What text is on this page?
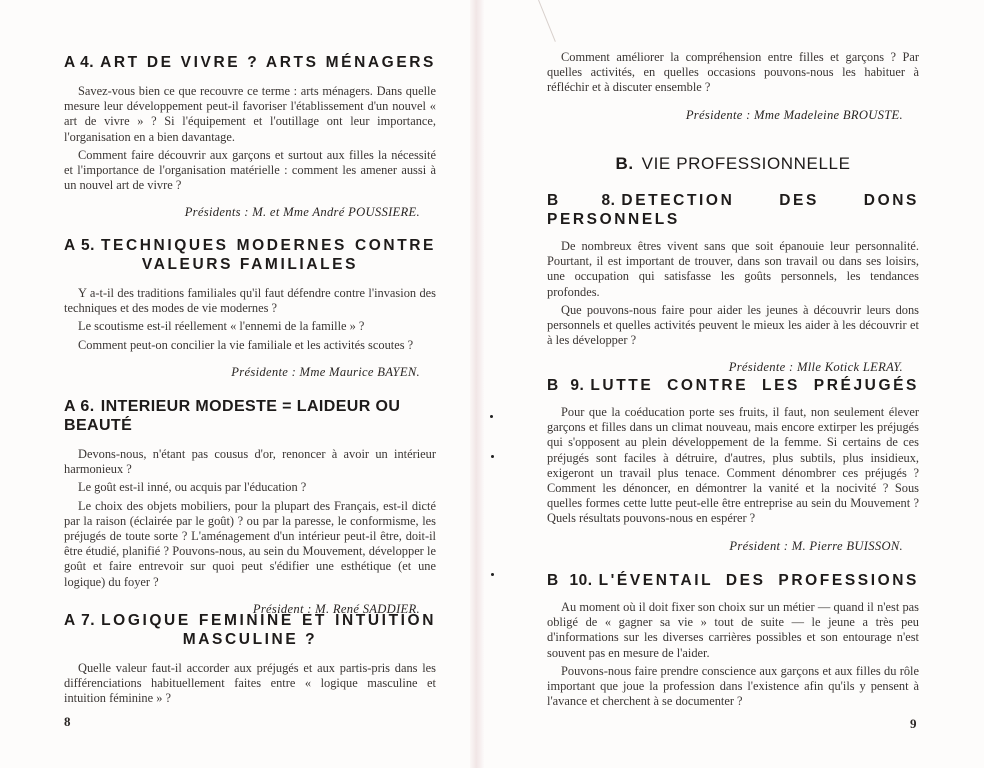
A 4. ART DE VIVRE ? ARTS MÉNAGERS

Savez-vous bien ce que recouvre ce terme : arts ménagers. Dans quelle mesure leur développement peut-il favoriser l'établissement d'un nouvel « art de vivre » ? Si l'équipement et l'outillage ont leur importance, l'organisation en a bien davantage.

Comment faire découvrir aux garçons et surtout aux filles la nécessité et l'importance de l'organisation matérielle : comment les amener aussi à un nouvel art de vivre ?

Présidents : M. et Mme André POUSSIERE.

A 5. TECHNIQUES MODERNES CONTRE
VALEURS FAMILIALES

Y a-t-il des traditions familiales qu'il faut défendre contre l'invasion des techniques et des modes de vie modernes ?

Le scoutisme est-il réellement « l'ennemi de la famille » ?

Comment peut-on concilier la vie familiale et les activités scoutes ?

Présidente : Mme Maurice BAYEN.

A 6. INTERIEUR MODESTE = LAIDEUR OU BEAUTÉ

Devons-nous, n'étant pas cousus d'or, renoncer à avoir un intérieur harmonieux ?

Le goût est-il inné, ou acquis par l'éducation ?

Le choix des objets mobiliers, pour la plupart des Français, est-il dicté par la raison (éclairée par le goût) ? ou par la paresse, le conformisme, les préjugés de toute sorte ? L'aménagement d'un intérieur peut-il être, doit-il être étudié, planifié ? Pouvons-nous, au sein du Mouvement, développer le goût et faire entrevoir sur quoi peut s'édifier une esthétique (et une logique) du foyer ?

Président : M. René SADDIER.

A 7. LOGIQUE FEMININE ET INTUITION
MASCULINE ?

Quelle valeur faut-il accorder aux préjugés et aux partis-pris dans les différenciations habituellement faites entre « logique masculine et intuition féminine » ?

8

Comment améliorer la compréhension entre filles et garçons ? Par quelles activités, en quelles occasions pouvons-nous les habituer à réfléchir et à discuter ensemble ?

Présidente : Mme Madeleine BROUSTE.

B. VIE PROFESSIONNELLE
B 8. DETECTION DES DONS PERSONNELS

De nombreux êtres vivent sans que soit épanouie leur personnalité. Pourtant, il est important de trouver, dans son travail ou dans ses loisirs, une occupation qui satisfasse les goûts personnels, les tendances profondes.

Que pouvons-nous faire pour aider les jeunes à découvrir leurs dons personnels et quelles activités peuvent le mieux les aider à les découvrir et à les développer ?

Présidente : Mlle Kotick LERAY.

B 9. LUTTE CONTRE LES PRÉJUGÉS

Pour que la coéducation porte ses fruits, il faut, non seulement élever garçons et filles dans un climat nouveau, mais encore extirper les préjugés qui s'opposent au plein développement de la femme. Si certains de ces préjugés sont faciles à détruire, d'autres, plus subtils, plus insidieux, exigeront un travail plus tenace. Comment dénombrer ces préjugés ? Comment les dénoncer, en démontrer la vanité et la nocivité ? Sous quelles formes cette lutte peut-elle être entreprise au sein du Mouvement ? Quels résultats pouvons-nous en espérer ?

Président : M. Pierre BUISSON.

B 10. L'ÉVENTAIL DES PROFESSIONS

Au moment où il doit fixer son choix sur un métier — quand il n'est pas obligé de « gagner sa vie » tout de suite — le jeune a très peu d'informations sur les diverses carrières possibles et son entourage n'est souvent pas en mesure de l'aider.

Pouvons-nous faire prendre conscience aux garçons et aux filles du rôle important que joue la profession dans l'existence afin qu'ils y pensent à l'avance et cherchent à se documenter ?

9
